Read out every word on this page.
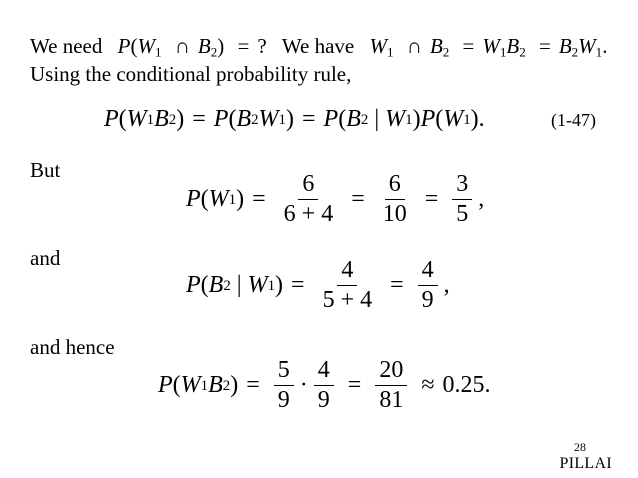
We need $P(W_1$ ∩ $B_2$) = ? We have $W_1$ ∩ $B_2 = W_1B_2 = B_2W_1$.
Using the conditional probability rule,
P ( W 1 B 2 ) = P ( B 2 W 1 ) = P ( B 2
|
W 1 ) P ( W 1 ) .	(1-47)
But
P ( W 1 ) = $\frac{6}{6 + 4} = \frac{6}{10} = \frac{3}{5}$ ,
and
P ( B 2
|
W 1 ) = $\frac{4}{5 + 4} = \frac{4}{9}$ ,
and hence
P ( W 1 B 2 ) = $\frac{5}{9} \cdot \frac{4}{9} = \frac{20}{81} \approx 0.25$.
28
PILLAI
